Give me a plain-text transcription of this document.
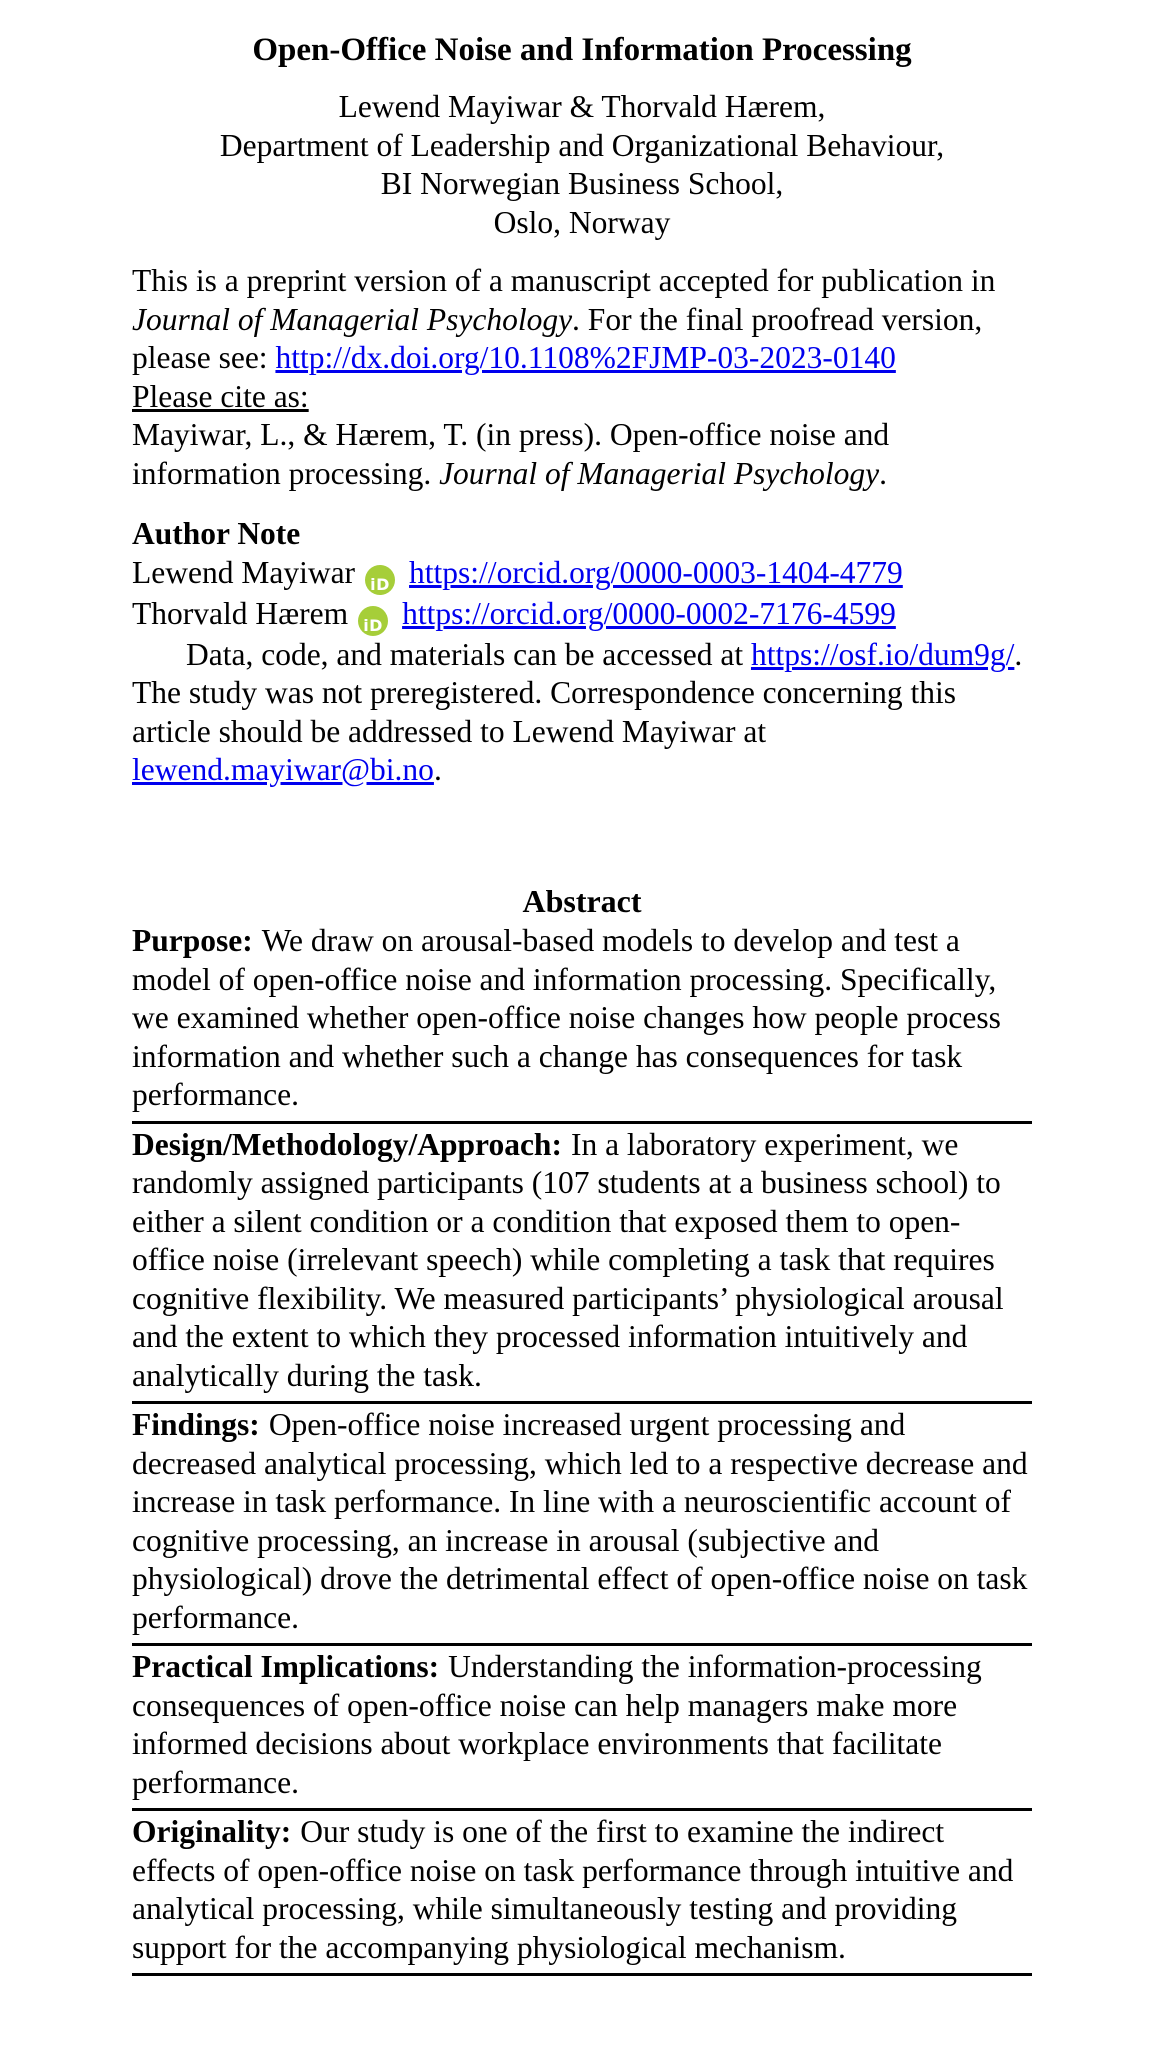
Open-Office Noise and Information Processing
Lewend Mayiwar & Thorvald Hærem,
Department of Leadership and Organizational Behaviour,
BI Norwegian Business School,
Oslo, Norway

This is a preprint version of a manuscript accepted for publication in Journal of Managerial Psychology. For the final proofread version, please see: http://dx.doi.org/10.1108%2FJMP-03-2023-0140

Please cite as:

Mayiwar, L., & Hærem, T. (in press). Open-office noise and information processing. Journal of Managerial Psychology.

Author Note

Lewend Mayiwar iD https://orcid.org/0000-0003-1404-4779

Thorvald Hærem iD https://orcid.org/0000-0002-7176-4599

Data, code, and materials can be accessed at https://osf.io/dum9g/. The study was not preregistered. Correspondence concerning this article should be addressed to Lewend Mayiwar at lewend.mayiwar@bi.no.

Abstract

Purpose: We draw on arousal-based models to develop and test a model of open-office noise and information processing. Specifically, we examined whether open-office noise changes how people process information and whether such a change has consequences for task performance.
Design/Methodology/Approach: In a laboratory experiment, we randomly assigned participants (107 students at a business school) to either a silent condition or a condition that exposed them to open-office noise (irrelevant speech) while completing a task that requires cognitive flexibility. We measured participants’ physiological arousal and the extent to which they processed information intuitively and analytically during the task.
Findings: Open-office noise increased urgent processing and decreased analytical processing, which led to a respective decrease and increase in task performance. In line with a neuroscientific account of cognitive processing, an increase in arousal (subjective and physiological) drove the detrimental effect of open-office noise on task performance.
Practical Implications: Understanding the information-processing consequences of open-office noise can help managers make more informed decisions about workplace environments that facilitate performance.
Originality: Our study is one of the first to examine the indirect effects of open-office noise on task performance through intuitive and analytical processing, while simultaneously testing and providing support for the accompanying physiological mechanism.
